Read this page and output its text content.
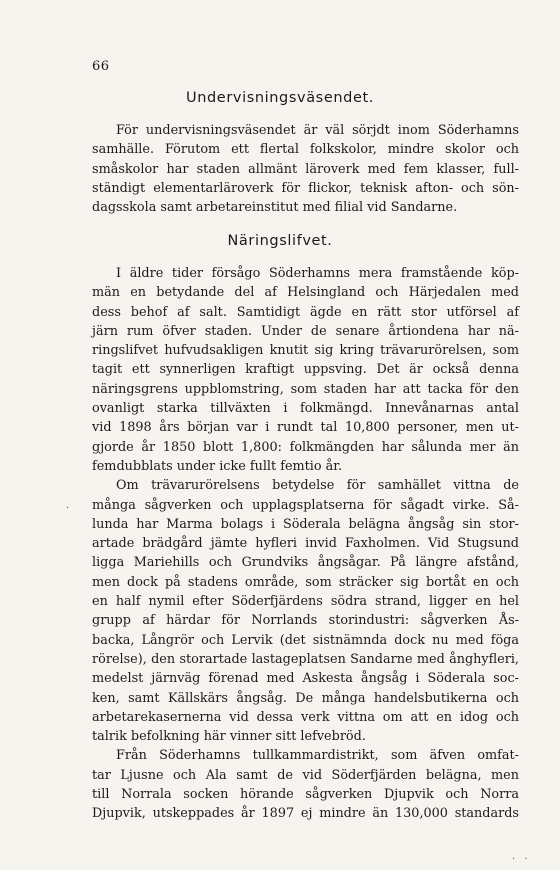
66
Undervisningsväsendet.
För undervisningsväsendet är väl sörjdt inom Söderhamns
samhälle. Förutom ett flertal folkskolor, mindre skolor och
småskolor har staden allmänt läroverk med fem klasser, full-
ständigt elementarläroverk för flickor, teknisk afton- och sön-
dagsskola samt arbetareinstitut med filial vid Sandarne.
Näringslifvet.
I äldre tider försågo Söderhamns mera framstående köp-
män en betydande del af Helsingland och Härjedalen med
dess behof af salt. Samtidigt ägde en rätt stor utförsel af
järn rum öfver staden. Under de senare årtiondena har nä-
ringslifvet hufvudsakligen knutit sig kring trävarurörelsen, som
tagit ett synnerligen kraftigt uppsving. Det är också denna
näringsgrens uppblomstring, som staden har att tacka för den
ovanligt starka tillväxten i folkmängd. Innevånarnas antal
vid 1898 års början var i rundt tal 10,800 personer, men ut-
gjorde år 1850 blott 1,800: folkmängden har sålunda mer än
femdubblats under icke fullt femtio år.
Om trävarurörelsens betydelse för samhället vittna de
många sågverken och upplagsplatserna för sågadt virke. Så-
lunda har Marma bolags i Söderala belägna ångsåg sin stor-
artade brädgård jämte hyfleri invid Faxholmen. Vid Stugsund
ligga Mariehills och Grundviks ångsågar. På längre afstånd,
men dock på stadens område, som sträcker sig bortåt en och
en half nymil efter Söderfjärdens södra strand, ligger en hel
grupp af härdar för Norrlands storindustri: sågverken Ås-
backa, Långrör och Lervik (det sistnämnda dock nu med föga
rörelse), den storartade lastageplatsen Sandarne med ånghyfleri,
medelst järnväg förenad med Askesta ångsåg i Söderala soc-
ken, samt Källskärs ångsåg. De många handelsbutikerna och
arbetarekasernerna vid dessa verk vittna om att en idog och
talrik befolkning här vinner sitt lefvebröd.
Från Söderhamns tullkammardistrikt, som äfven omfat-
tar Ljusne och Ala samt de vid Söderfjärden belägna, men
till Norrala socken hörande sågverken Djupvik och Norra
Djupvik, utskeppades år 1897 ej mindre än 130,000 standards
·
· ·
